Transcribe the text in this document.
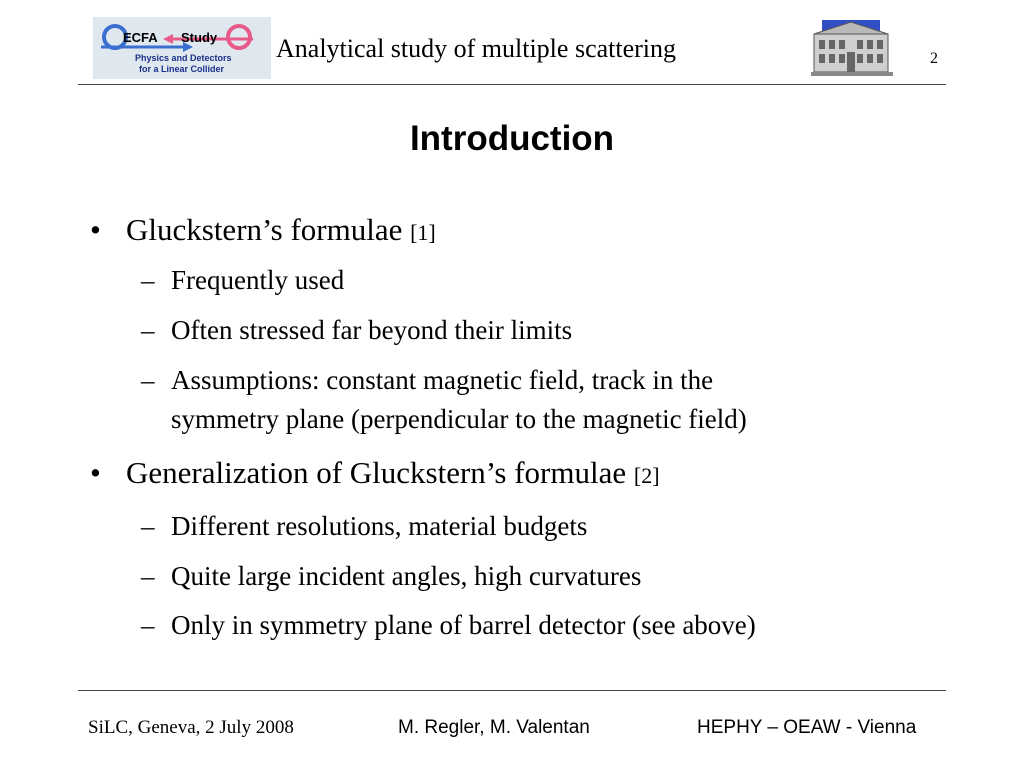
ECFA Study
Physics and Detectors
for a Linear Collider
Analytical study of multiple scattering	2
Introduction
• Gluckstern’s formulae [1]
– Frequently used
– Often stressed far beyond their limits
– Assumptions: constant magnetic field, track in the
symmetry plane (perpendicular to the magnetic field)
• Generalization of Gluckstern’s formulae [2]
– Different resolutions, material budgets
– Quite large incident angles, high curvatures
– Only in symmetry plane of barrel detector (see above)
SiLC, Geneva, 2 July 2008	M. Regler, M. Valentan	HEPHY – OEAW - Vienna
